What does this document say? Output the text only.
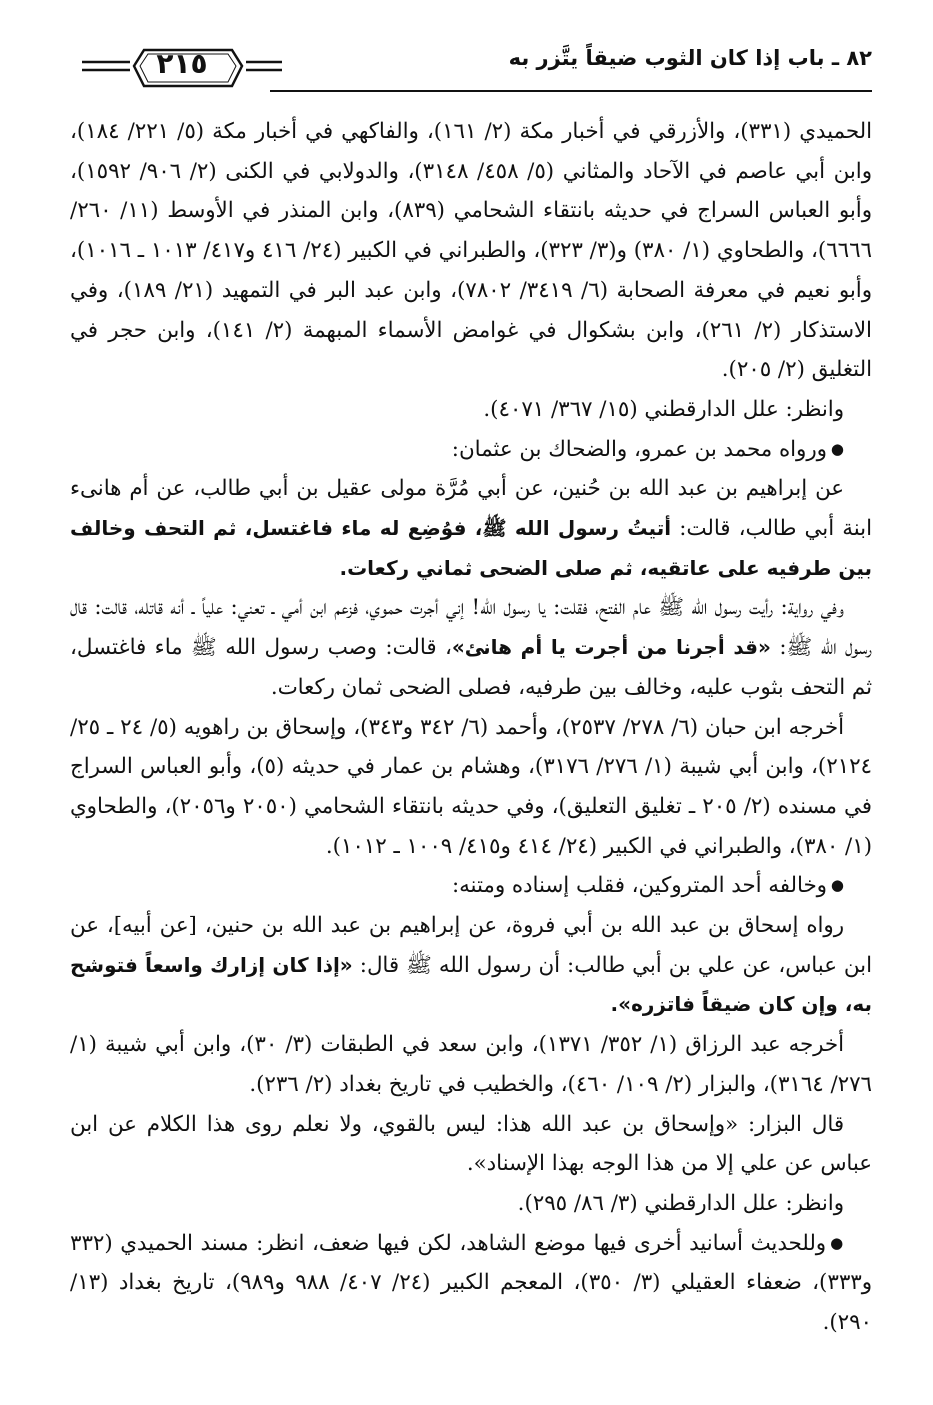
٢١٥	٨٢ ـ باب إذا كان الثوب ضيقاً يتَّزر به

الحميدي (٣٣١)، والأزرقي في أخبار مكة (٢/ ١٦١)، والفاكهي في أخبار مكة (٥/ ٢٢١/ ١٨٤)، وابن أبي عاصم في الآحاد والمثاني (٥/ ٤٥٨/ ٣١٤٨)، والدولابي في الكنى (٢/ ٩٠٦/ ١٥٩٢)، وأبو العباس السراج في حديثه بانتقاء الشحامي (٨٣٩)، وابن المنذر في الأوسط (١١/ ٢٦٠/ ٦٦٦٦)، والطحاوي (١/ ٣٨٠) و(٣/ ٣٢٣)، والطبراني في الكبير (٢٤/ ٤١٦ و٤١٧/ ١٠١٣ ـ ١٠١٦)، وأبو نعيم في معرفة الصحابة (٦/ ٣٤١٩/ ٧٨٠٢)، وابن عبد البر في التمهيد (٢١/ ١٨٩)، وفي الاستذكار (٢/ ٢٦١)، وابن بشكوال في غوامض الأسماء المبهمة (٢/ ١٤١)، وابن حجر في التغليق (٢/ ٢٠٥).

وانظر: علل الدارقطني (١٥/ ٣٦٧/ ٤٠٧١).

●ورواه محمد بن عمرو، والضحاك بن عثمان:

عن إبراهيم بن عبد الله بن حُنين، عن أبي مُرَّة مولى عقيل بن أبي طالب، عن أم هانىء ابنة أبي طالب، قالت: أتيتُ رسول الله ﷺ، فوُضِع له ماء فاغتسل، ثم التحف وخالف بين طرفيه على عاتقيه، ثم صلى الضحى ثماني ركعات.

وفي رواية: رأيت رسول الله ﷺ عام الفتح، فقلت: يا رسول الله! إني أجرت حموي، فزعم ابن أمي ـ تعني: علياً ـ أنه قاتله، قالت: قال رسول الله ﷺ: «قد أجرنا من أجرت يا أم هانئ»، قالت: وصب رسول الله ﷺ ماء فاغتسل، ثم التحف بثوب عليه، وخالف بين طرفيه، فصلى الضحى ثمان ركعات.

أخرجه ابن حبان (٦/ ٢٧٨/ ٢٥٣٧)، وأحمد (٦/ ٣٤٢ و٣٤٣)، وإسحاق بن راهويه (٥/ ٢٤ ـ ٢٥/ ٢١٢٤)، وابن أبي شيبة (١/ ٢٧٦/ ٣١٧٦)، وهشام بن عمار في حديثه (٥)، وأبو العباس السراج في مسنده (٢/ ٢٠٥ ـ تغليق التعليق)، وفي حديثه بانتقاء الشحامي (٢٠٥٠ و٢٠٥٦)، والطحاوي (١/ ٣٨٠)، والطبراني في الكبير (٢٤/ ٤١٤ و٤١٥/ ١٠٠٩ ـ ١٠١٢).

●وخالفه أحد المتروكين، فقلب إسناده ومتنه:

رواه إسحاق بن عبد الله بن أبي فروة، عن إبراهيم بن عبد الله بن حنين، [عن أبيه]، عن ابن عباس، عن علي بن أبي طالب: أن رسول الله ﷺ قال: «إذا كان إزارك واسعاً فتوشح به، وإن كان ضيقاً فاتزره».

أخرجه عبد الرزاق (١/ ٣٥٢/ ١٣٧١)، وابن سعد في الطبقات (٣/ ٣٠)، وابن أبي شيبة (١/ ٢٧٦/ ٣١٦٤)، والبزار (٢/ ١٠٩/ ٤٦٠)، والخطيب في تاريخ بغداد (٢/ ٢٣٦).

قال البزار: «وإسحاق بن عبد الله هذا: ليس بالقوي، ولا نعلم روى هذا الكلام عن ابن عباس عن علي إلا من هذا الوجه بهذا الإسناد».

وانظر: علل الدارقطني (٣/ ٨٦/ ٢٩٥).

●وللحديث أسانيد أخرى فيها موضع الشاهد، لكن فيها ضعف، انظر: مسند الحميدي (٣٣٢ و٣٣٣)، ضعفاء العقيلي (٣/ ٣٥٠)، المعجم الكبير (٢٤/ ٤٠٧/ ٩٨٨ و٩٨٩)، تاريخ بغداد (١٣/ ٢٩٠).
